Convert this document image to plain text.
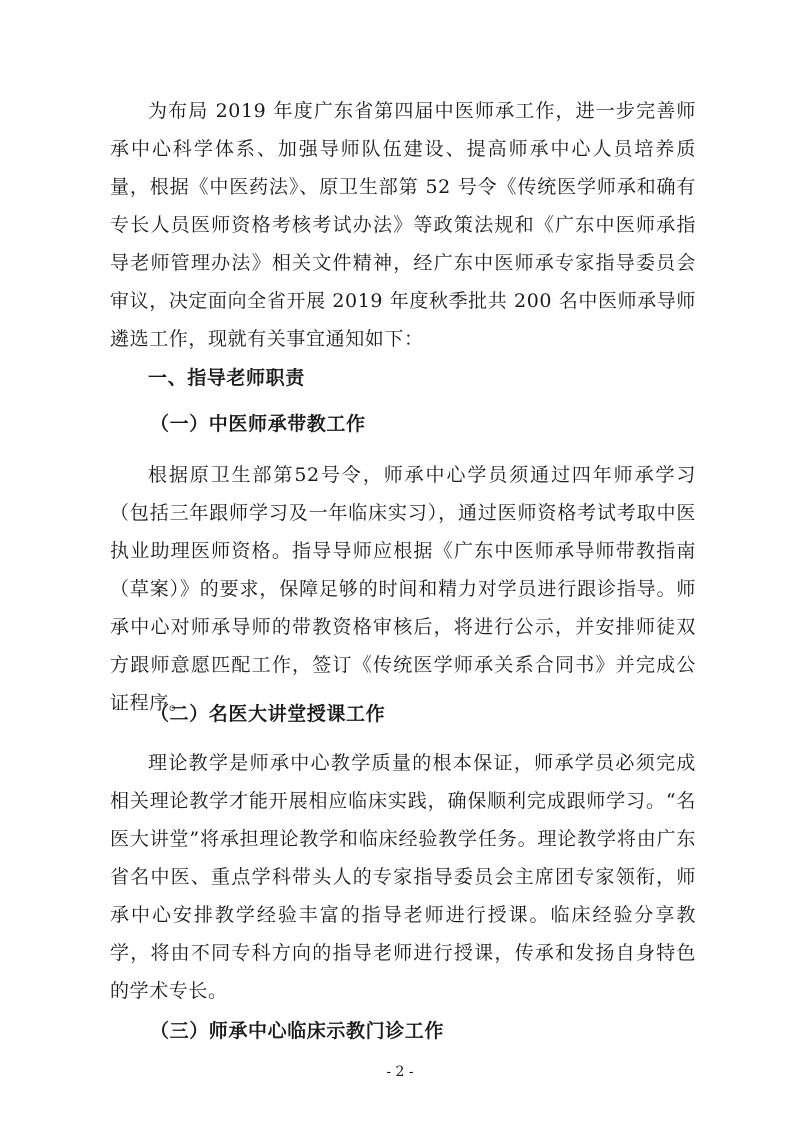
为布局 2019 年度广东省第四届中医师承工作，进一步完善师承中心科学体系、加强导师队伍建设、提高师承中心人员培养质量，根据《中医药法》、原卫生部第 52 号令《传统医学师承和确有专长人员医师资格考核考试办法》等政策法规和《广东中医师承指导老师管理办法》相关文件精神，经广东中医师承专家指导委员会审议，决定面向全省开展 2019 年度秋季批共 200 名中医师承导师遴选工作，现就有关事宜通知如下：

一、指导老师职责

（一）中医师承带教工作

根据原卫生部第52号令，师承中心学员须通过四年师承学习（包括三年跟师学习及一年临床实习），通过医师资格考试考取中医执业助理医师资格。指导导师应根据《广东中医师承导师带教指南（草案）》的要求，保障足够的时间和精力对学员进行跟诊指导。师承中心对师承导师的带教资格审核后，将进行公示，并安排师徒双方跟师意愿匹配工作，签订《传统医学师承关系合同书》并完成公证程序。

（二）名医大讲堂授课工作

理论教学是师承中心教学质量的根本保证，师承学员必须完成相关理论教学才能开展相应临床实践，确保顺利完成跟师学习。“名医大讲堂”将承担理论教学和临床经验教学任务。理论教学将由广东省名中医、重点学科带头人的专家指导委员会主席团专家领衔，师承中心安排教学经验丰富的指导老师进行授课。临床经验分享教学，将由不同专科方向的指导老师进行授课，传承和发扬自身特色的学术专长。

（三）师承中心临床示教门诊工作

- 2 -
